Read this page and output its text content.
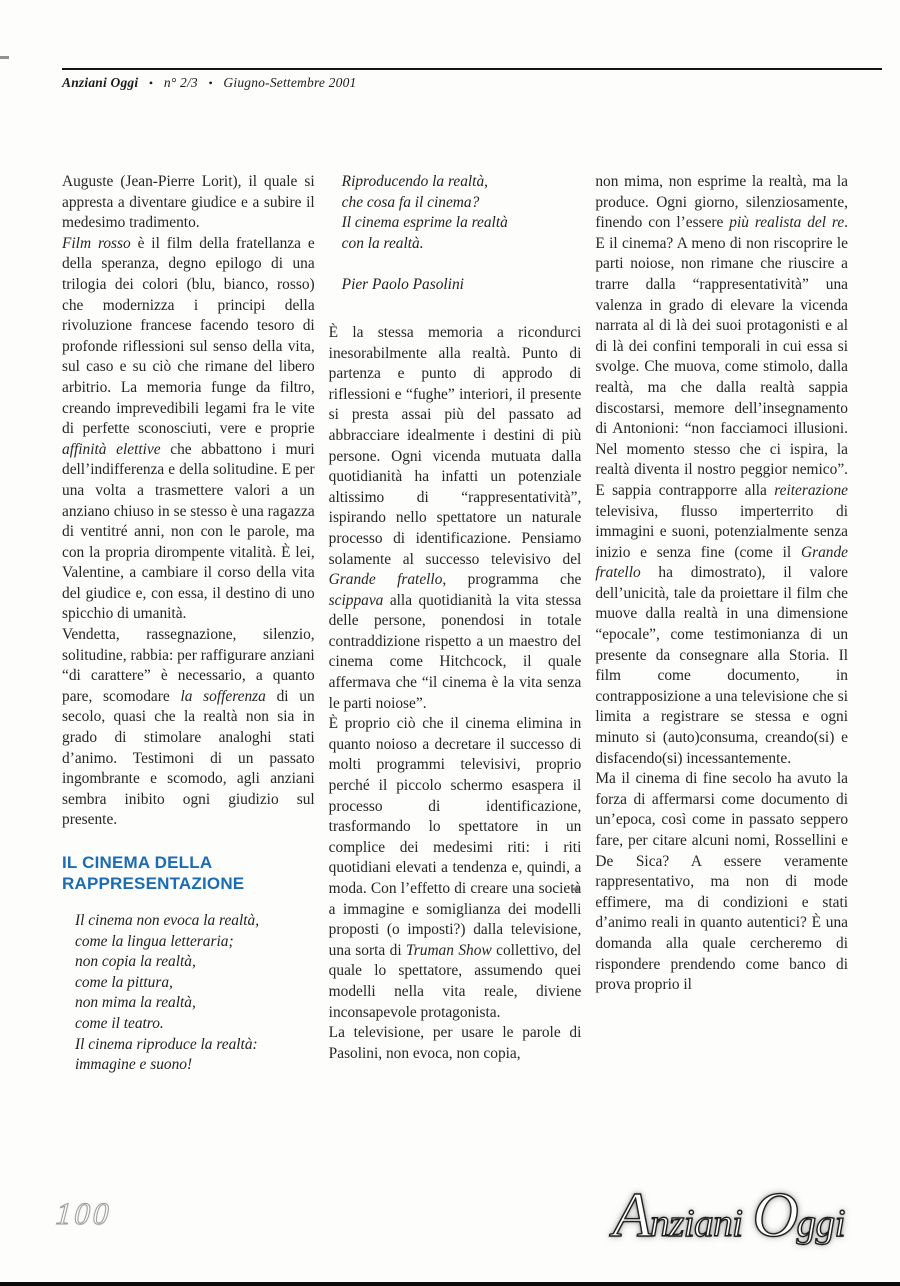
Anziani Oggi • n° 2/3 • Giugno-Settembre 2001

Auguste (Jean-Pierre Lorit), il quale si appresta a diventare giudice e a subire il medesimo tradimento.

Film rosso è il film della fratellanza e della speranza, degno epilogo di una trilogia dei colori (blu, bianco, rosso) che modernizza i principi della rivoluzione francese facendo tesoro di profonde riflessioni sul senso della vita, sul caso e su ciò che rimane del libero arbitrio. La memoria funge da filtro, creando imprevedibili legami fra le vite di perfette sconosciuti, vere e proprie affinità elettive che abbattono i muri dell’indifferenza e della solitudine. E per una volta a trasmettere valori a un anziano chiuso in se stesso è una ragazza di ventitré anni, non con le parole, ma con la propria dirompente vitalità. È lei, Valentine, a cambiare il corso della vita del giudice e, con essa, il destino di uno spicchio di umanità.

Vendetta, rassegnazione, silenzio, solitudine, rabbia: per raffigurare anziani “di carattere” è necessario, a quanto pare, scomodare la sofferenza di un secolo, quasi che la realtà non sia in grado di stimolare analoghi stati d’animo. Testimoni di un passato ingombrante e scomodo, agli anziani sembra inibito ogni giudizio sul presente.

IL CINEMA DELLA
RAPPRESENTAZIONE
Il cinema non evoca la realtà,
come la lingua letteraria;
non copia la realtà,
come la pittura,
non mima la realtà,
come il teatro.
Il cinema riproduce la realtà:
immagine e suono!
Riproducendo la realtà,
che cosa fa il cinema?
Il cinema esprime la realtà
con la realtà.
Pier Paolo Pasolini

È la stessa memoria a ricondurci inesorabilmente alla realtà. Punto di partenza e punto di approdo di riflessioni e “fughe” interiori, il presente si presta assai più del passato ad abbracciare idealmente i destini di più persone. Ogni vicenda mutuata dalla quotidianità ha infatti un potenziale altissimo di “rappresentatività”, ispirando nello spettatore un naturale processo di identificazione. Pensiamo solamente al successo televisivo del Grande fratello, programma che scippava alla quotidianità la vita stessa delle persone, ponendosi in totale contraddizione rispetto a un maestro del cinema come Hitchcock, il quale affermava che “il cinema è la vita senza le parti noiose”.

È proprio ciò che il cinema elimina in quanto noioso a decretare il successo di molti programmi televisivi, proprio perché il piccolo schermo esaspera il processo di identificazione, trasformando lo spettatore in un complice dei medesimi riti: i riti quotidiani elevati a tendenza e, quindi, a moda. Con l’effetto di creare una società a immagine e somiglianza dei modelli proposti (o imposti?) dalla televisione, una sorta di Truman Show collettivo, del quale lo spettatore, assumendo quei modelli nella vita reale, diviene inconsapevole protagonista.

La televisione, per usare le parole di Pasolini, non evoca, non copia,

non mima, non esprime la realtà, ma la produce. Ogni giorno, silenziosamente, finendo con l’essere più realista del re. E il cinema? A meno di non riscoprire le parti noiose, non rimane che riuscire a trarre dalla “rappresentatività” una valenza in grado di elevare la vicenda narrata al di là dei suoi protagonisti e al di là dei confini temporali in cui essa si svolge. Che muova, come stimolo, dalla realtà, ma che dalla realtà sappia discostarsi, memore dell’insegnamento di Antonioni: “non facciamoci illusioni. Nel momento stesso che ci ispira, la realtà diventa il nostro peggior nemico”. E sappia contrapporre alla reiterazione televisiva, flusso imperterrito di immagini e suoni, potenzialmente senza inizio e senza fine (come il Grande fratello ha dimostrato), il valore dell’unicità, tale da proiettare il film che muove dalla realtà in una dimensione “epocale”, come testimonianza di un presente da consegnare alla Storia. Il film come documento, in contrapposizione a una televisione che si limita a registrare se stessa e ogni minuto si (auto)consuma, creando(si) e disfacendo(si) incessantemente.

Ma il cinema di fine secolo ha avuto la forza di affermarsi come documento di un’epoca, così come in passato seppero fare, per citare alcuni nomi, Rossellini e De Sica? A essere veramente rappresentativo, ma non di mode effimere, ma di condizioni e stati d’animo reali in quanto autentici? È una domanda alla quale cercheremo di rispondere prendendo come banco di prova proprio il

100	Anziani Oggi
